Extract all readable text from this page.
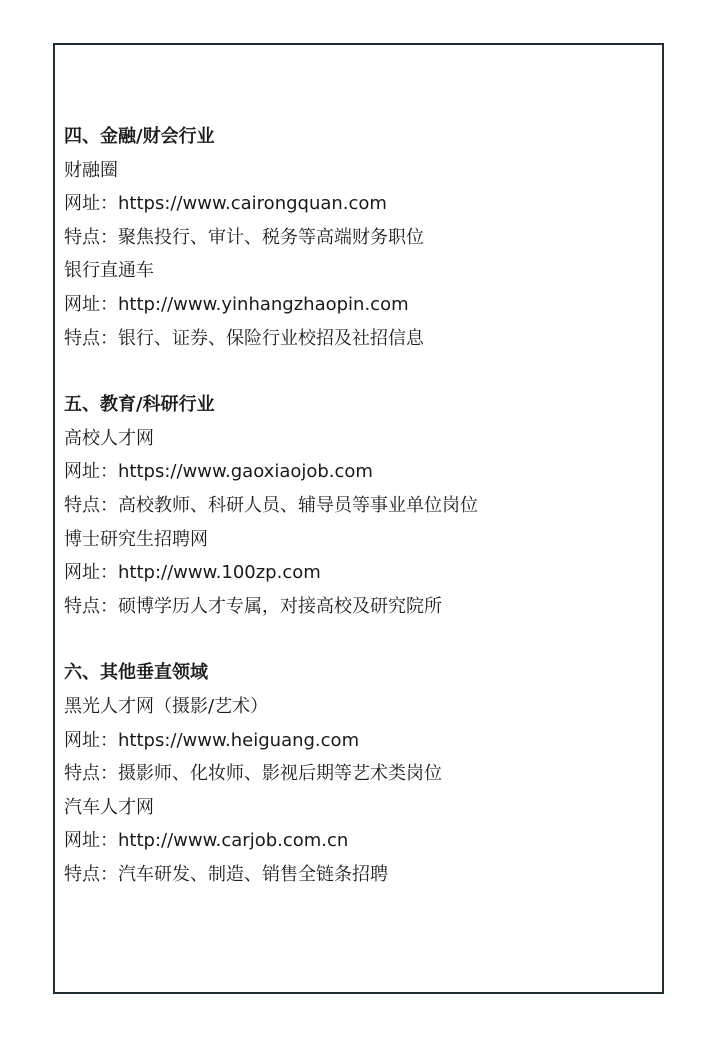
四、金融/财会行业
财融圈
网址：https://www.cairongquan.com
特点：聚焦投行、审计、税务等高端财务职位
银行直通车
网址：http://www.yinhangzhaopin.com
特点：银行、证券、保险行业校招及社招信息
五、教育/科研行业
高校人才网
网址：https://www.gaoxiaojob.com
特点：高校教师、科研人员、辅导员等事业单位岗位
博士研究生招聘网
网址：http://www.100zp.com
特点：硕博学历人才专属，对接高校及研究院所
六、其他垂直领域
黑光人才网（摄影/艺术）
网址：https://www.heiguang.com
特点：摄影师、化妆师、影视后期等艺术类岗位
汽车人才网
网址：http://www.carjob.com.cn
特点：汽车研发、制造、销售全链条招聘
